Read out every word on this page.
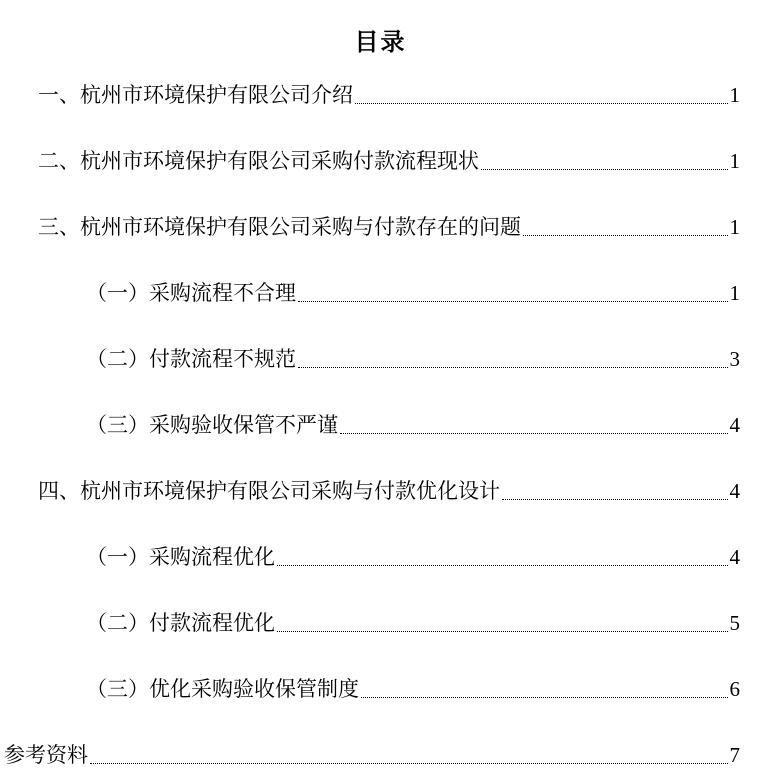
目录
一、杭州市环境保护有限公司介绍	1
二、杭州市环境保护有限公司采购付款流程现状	1
三、杭州市环境保护有限公司采购与付款存在的问题	1
（一）采购流程不合理	1
（二）付款流程不规范	3
（三）采购验收保管不严谨	4
四、杭州市环境保护有限公司采购与付款优化设计	4
（一）采购流程优化	4
（二）付款流程优化	5
（三）优化采购验收保管制度	6
参考资料	7
